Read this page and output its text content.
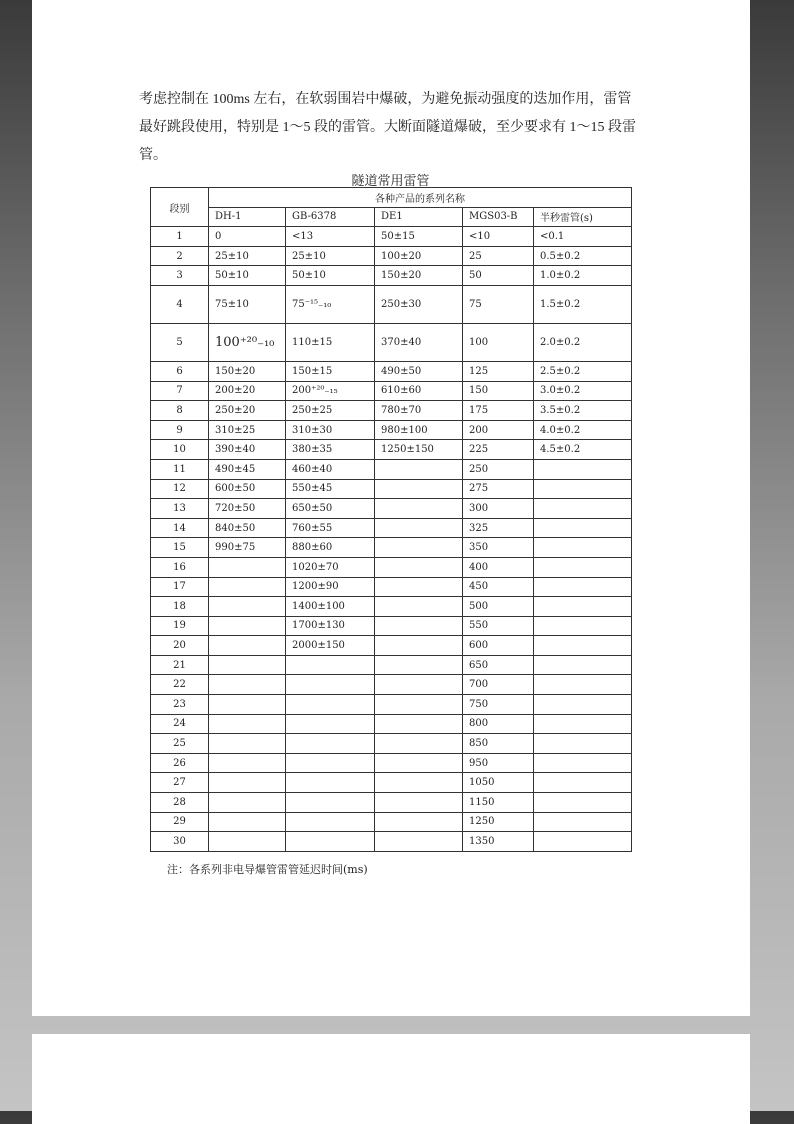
考虑控制在 100ms 左右，在软弱围岩中爆破，为避免振动强度的迭加作用，雷管最好跳段使用，特别是 1～5 段的雷管。大断面隧道爆破，至少要求有 1～15 段雷管。

隧道常用雷管
段别	各种产品的系列名称				
	DH-1	GB-6378	DE1	MGS03-B	半秒雷管(s)
1	0	<13	50±15	<10	<0.1
2	25±10	25±10	100±20	25	0.5±0.2
3	50±10	50±10	150±20	50	1.0±0.2
4	75±10	75⁻¹⁵₋₁₀	250±30	75	1.5±0.2
5	100⁺²⁰₋₁₀	110±15	370±40	100	2.0±0.2
6	150±20	150±15	490±50	125	2.5±0.2
7	200±20	200⁺²⁰₋₁₅	610±60	150	3.0±0.2
8	250±20	250±25	780±70	175	3.5±0.2
9	310±25	310±30	980±100	200	4.0±0.2
10	390±40	380±35	1250±150	225	4.5±0.2
11	490±45	460±40		250	
12	600±50	550±45		275	
13	720±50	650±50		300	
14	840±50	760±55		325	
15	990±75	880±60		350	
16		1020±70		400	
17		1200±90		450	
18		1400±100		500	
19		1700±130		550	
20		2000±150		600	
21				650	
22				700	
23				750	
24				800	
25				850	
26				950	
27				1050	
28				1150	
29				1250	
30				1350	
注：各系列非电导爆管雷管延迟时间(ms)
